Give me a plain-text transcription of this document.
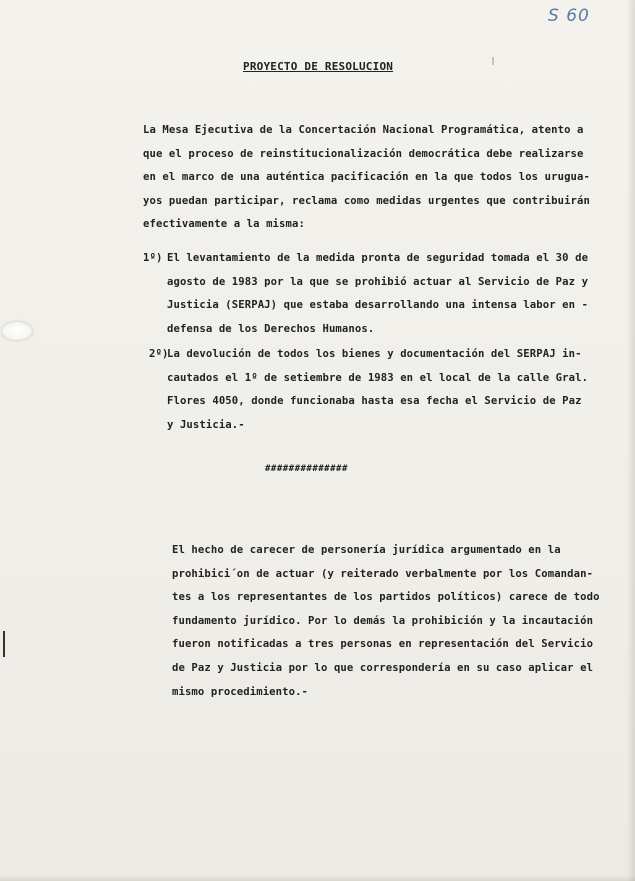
S 60
PROYECTO DE RESOLUCION
La Mesa Ejecutiva de la Concertación Nacional Programática, atento a
que el proceso de reinstitucionalización democrática debe realizarse
en el marco de una auténtica pacificación en la que todos los urugua-
yos puedan participar, reclama como medidas urgentes que contribuirán
efectivamente a la misma:
1º) El levantamiento de la medida pronta de seguridad tomada el 30 de
agosto de 1983 por la que se prohibió actuar al Servicio de Paz y
Justicia (SERPAJ) que estaba desarrollando una intensa labor en -
defensa de los Derechos Humanos.
2º)
La devolución de todos los bienes y documentación del SERPAJ in-
cautados el 1º de setiembre de 1983 en el local de la calle Gral.
Flores 4050, donde funcionaba hasta esa fecha el Servicio de Paz
y Justicia.-
##############
El hecho de carecer de personería jurídica argumentado en la
prohibici´on de actuar (y reiterado verbalmente por los Comandan-
tes a los representantes de los partidos políticos) carece de todo
fundamento jurídico. Por lo demás la prohibición y la incautación
fueron notificadas a tres personas en representación del Servicio
de Paz y Justicia por lo que correspondería en su caso aplicar el
mismo procedimiento.-
